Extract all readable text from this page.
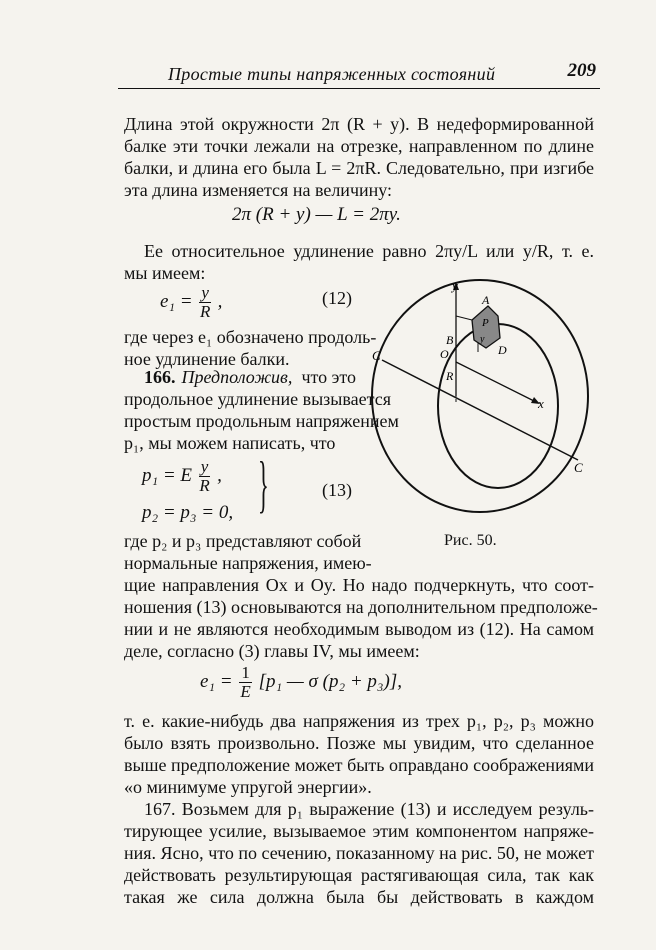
Простые типы напряженных состояний	209
Длина этой окружности 2π (R + y). В недеформированной
балке эти точки лежали на отрезке, направленном по длине
балки, и длина его была L = 2πR. Следовательно, при изгибе
эта длина изменяется на величину:
2π (R + y) — L = 2πy.
Ее относительное удлинение равно 2πy/L или y/R, т. е.
мы имеем:
$e_1 = \frac{y}{R}$ ,	(12)
где через e₁ обозначено продоль-
ное удлинение балки.
166. Предположив, что это
продольное удлинение вызывается
простым продольным напряжением
p₁, мы можем написать, что
p₁ = E $\frac{y}{R}$ ,
p₂ = p₃ = 0, }	(13)
где p₂ и p₃ представляют собой
нормальные напряжения, имею-
щие направления Ox и Oy. Но надо подчеркнуть, что соот-
ношения (13) основываются на дополнительном предположе-
нии и не являются необходимым выводом из (12). На самом
деле, согласно (3) главы IV, мы имеем:
$e_1 = \frac{1}{E} [p_1$ — σ (p₂ + p₃)],
т. е. какие-нибудь два напряжения из трех p₁, p₂, p₃ можно
было взять произвольно. Позже мы увидим, что сделанное
выше предположение может быть оправдано соображениями
«о минимуме упругой энергии».
167. Возьмем для p₁ выражение (13) и исследуем резуль-
тирующее усилие, вызываемое этим компонентом напряже-
ния. Ясно, что по сечению, показанному на рис. 50, не может
действовать результирующая растягивающая сила, так как
такая же сила должна была бы действовать в каждом
y
A
P
B
O	D
C
C
R
x
y
Рис. 50.
